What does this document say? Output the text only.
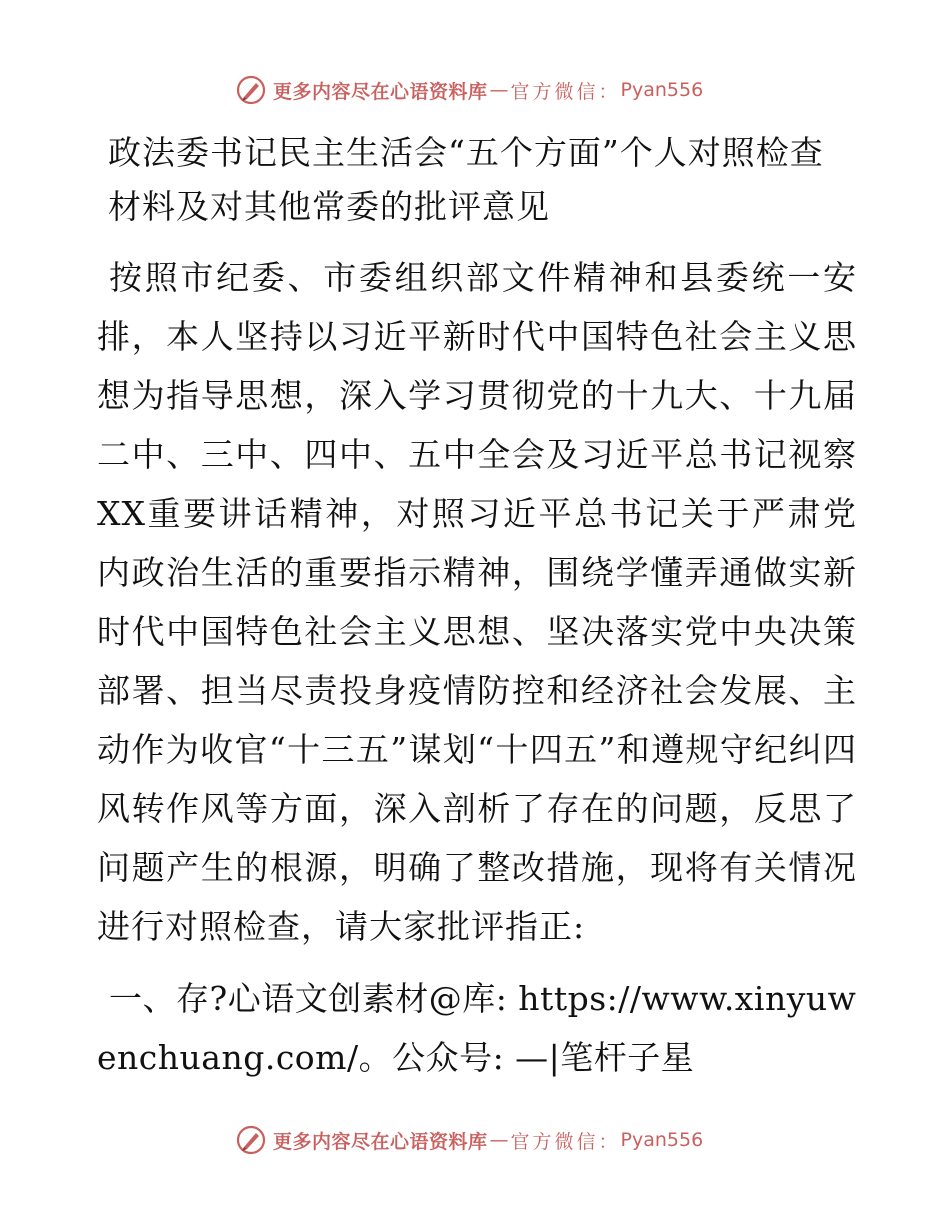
更多内容尽在心语资料库 — 官方微信： Pyan556
政法委书记民主生活会“五个方面”个人对照检查材料及对其他常委的批评意见

按照市纪委、市委组织部文件精神和县委统一安排，本人坚持以习近平新时代中国特色社会主义思想为指导思想，深入学习贯彻党的十九大、十九届二中、三中、四中、五中全会及习近平总书记视察XX重要讲话精神，对照习近平总书记关于严肃党内政治生活的重要指示精神，围绕学懂弄通做实新时代中国特色社会主义思想、坚决落实党中央决策部署、担当尽责投身疫情防控和经济社会发展、主动作为收官“十三五”谋划“十四五”和遵规守纪纠四风转作风等方面，深入剖析了存在的问题，反思了问题产生的根源，明确了整改措施，现将有关情况进行对照检查，请大家批评指正:

一、存?心语文创素材@库: https://www.xinyuwenchuang.com/。公众号: —|笔杆子星

更多内容尽在心语资料库 — 官方微信： Pyan556
